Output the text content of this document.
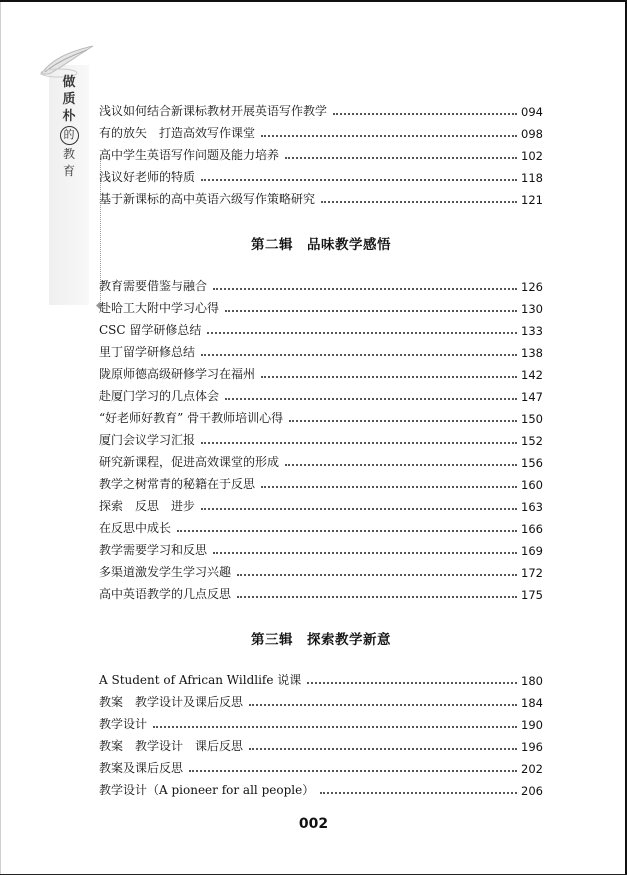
做
质
朴
的
教
育
浅议如何结合新课标教材开展英语写作教学	094
有的放矢　打造高效写作课堂	098
高中学生英语写作问题及能力培养	102
浅议好老师的特质	118
基于新课标的高中英语六级写作策略研究	121
第二辑　品味教学感悟
教育需要借鉴与融合	126
赴哈工大附中学习心得	130
CSC 留学研修总结	133
里丁留学研修总结	138
陇原师德高级研修学习在福州	142
赴厦门学习的几点体会	147
“好老师好教育” 骨干教师培训心得	150
厦门会议学习汇报	152
研究新课程，促进高效课堂的形成	156
教学之树常青的秘籍在于反思	160
探索　反思　进步	163
在反思中成长	166
教学需要学习和反思	169
多渠道激发学生学习兴趣	172
高中英语教学的几点反思	175
第三辑　探索教学新意
A Student of African Wildlife 说课	180
教案　教学设计及课后反思	184
教学设计	190
教案　教学设计　课后反思	196
教案及课后反思	202
教学设计（A pioneer for all people）	206
002
